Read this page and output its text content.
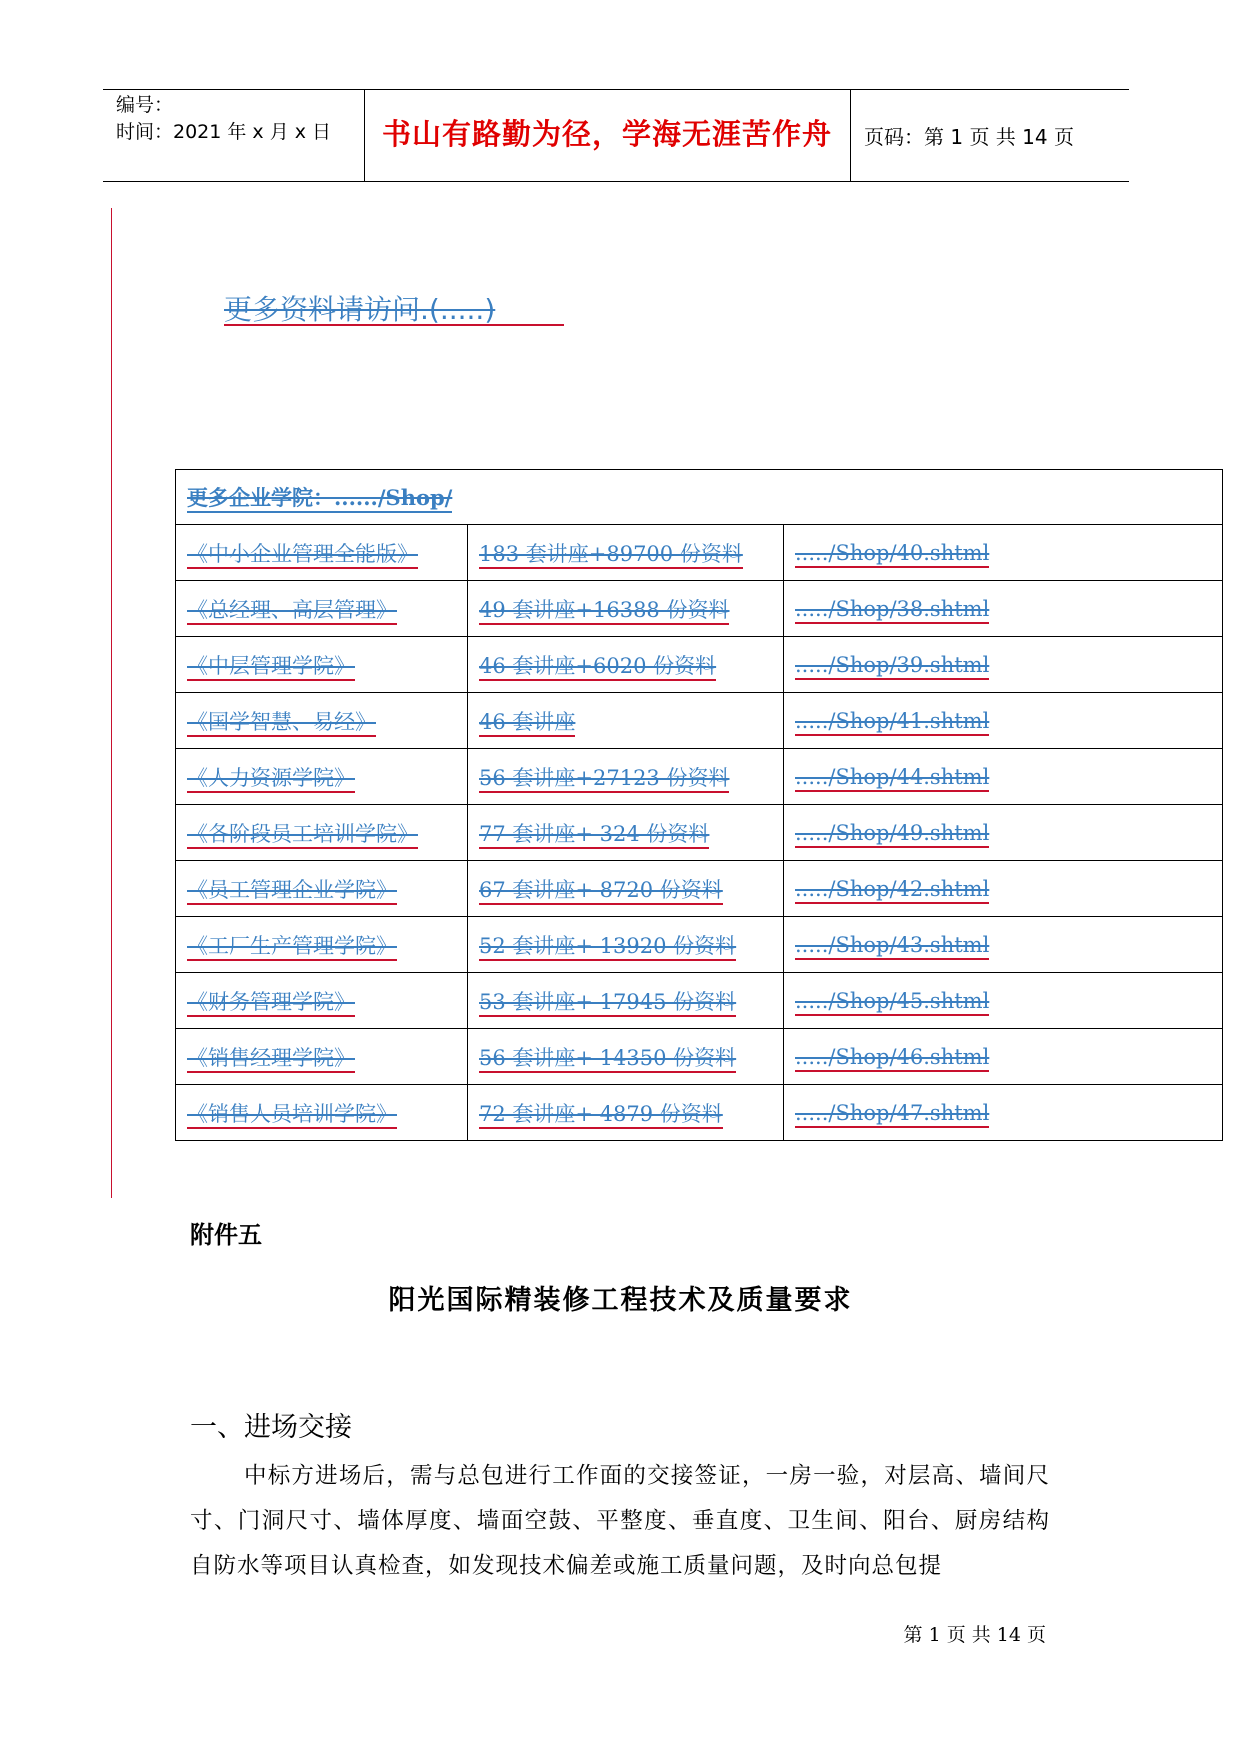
编号：
时间：2021 年 x 月 x 日	书山有路勤为径，学海无涯苦作舟	页码：第 1 页 共 14 页
更多资料请访问.(.....)
更多企业学院：....../Shop/		
《中小企业管理全能版》	183 套讲座+89700 份资料	...../Shop/40.shtml
《总经理、高层管理》	49 套讲座+16388 份资料	...../Shop/38.shtml
《中层管理学院》	46 套讲座+6020 份资料	...../Shop/39.shtml
《国学智慧、易经》	46 套讲座	...../Shop/41.shtml
《人力资源学院》	56 套讲座+27123 份资料	...../Shop/44.shtml
《各阶段员工培训学院》	77 套讲座+ 324 份资料	...../Shop/49.shtml
《员工管理企业学院》	67 套讲座+ 8720 份资料	...../Shop/42.shtml
《工厂生产管理学院》	52 套讲座+ 13920 份资料	...../Shop/43.shtml
《财务管理学院》	53 套讲座+ 17945 份资料	...../Shop/45.shtml
《销售经理学院》	56 套讲座+ 14350 份资料	...../Shop/46.shtml
《销售人员培训学院》	72 套讲座+ 4879 份资料	...../Shop/47.shtml
附件五
阳光国际精装修工程技术及质量要求
一、进场交接
中标方进场后，需与总包进行工作面的交接签证，一房一验，对层高、墙间尺寸、门洞尺寸、墙体厚度、墙面空鼓、平整度、垂直度、卫生间、阳台、厨房结构自防水等项目认真检查，如发现技术偏差或施工质量问题，及时向总包提
第 1 页 共 14 页
